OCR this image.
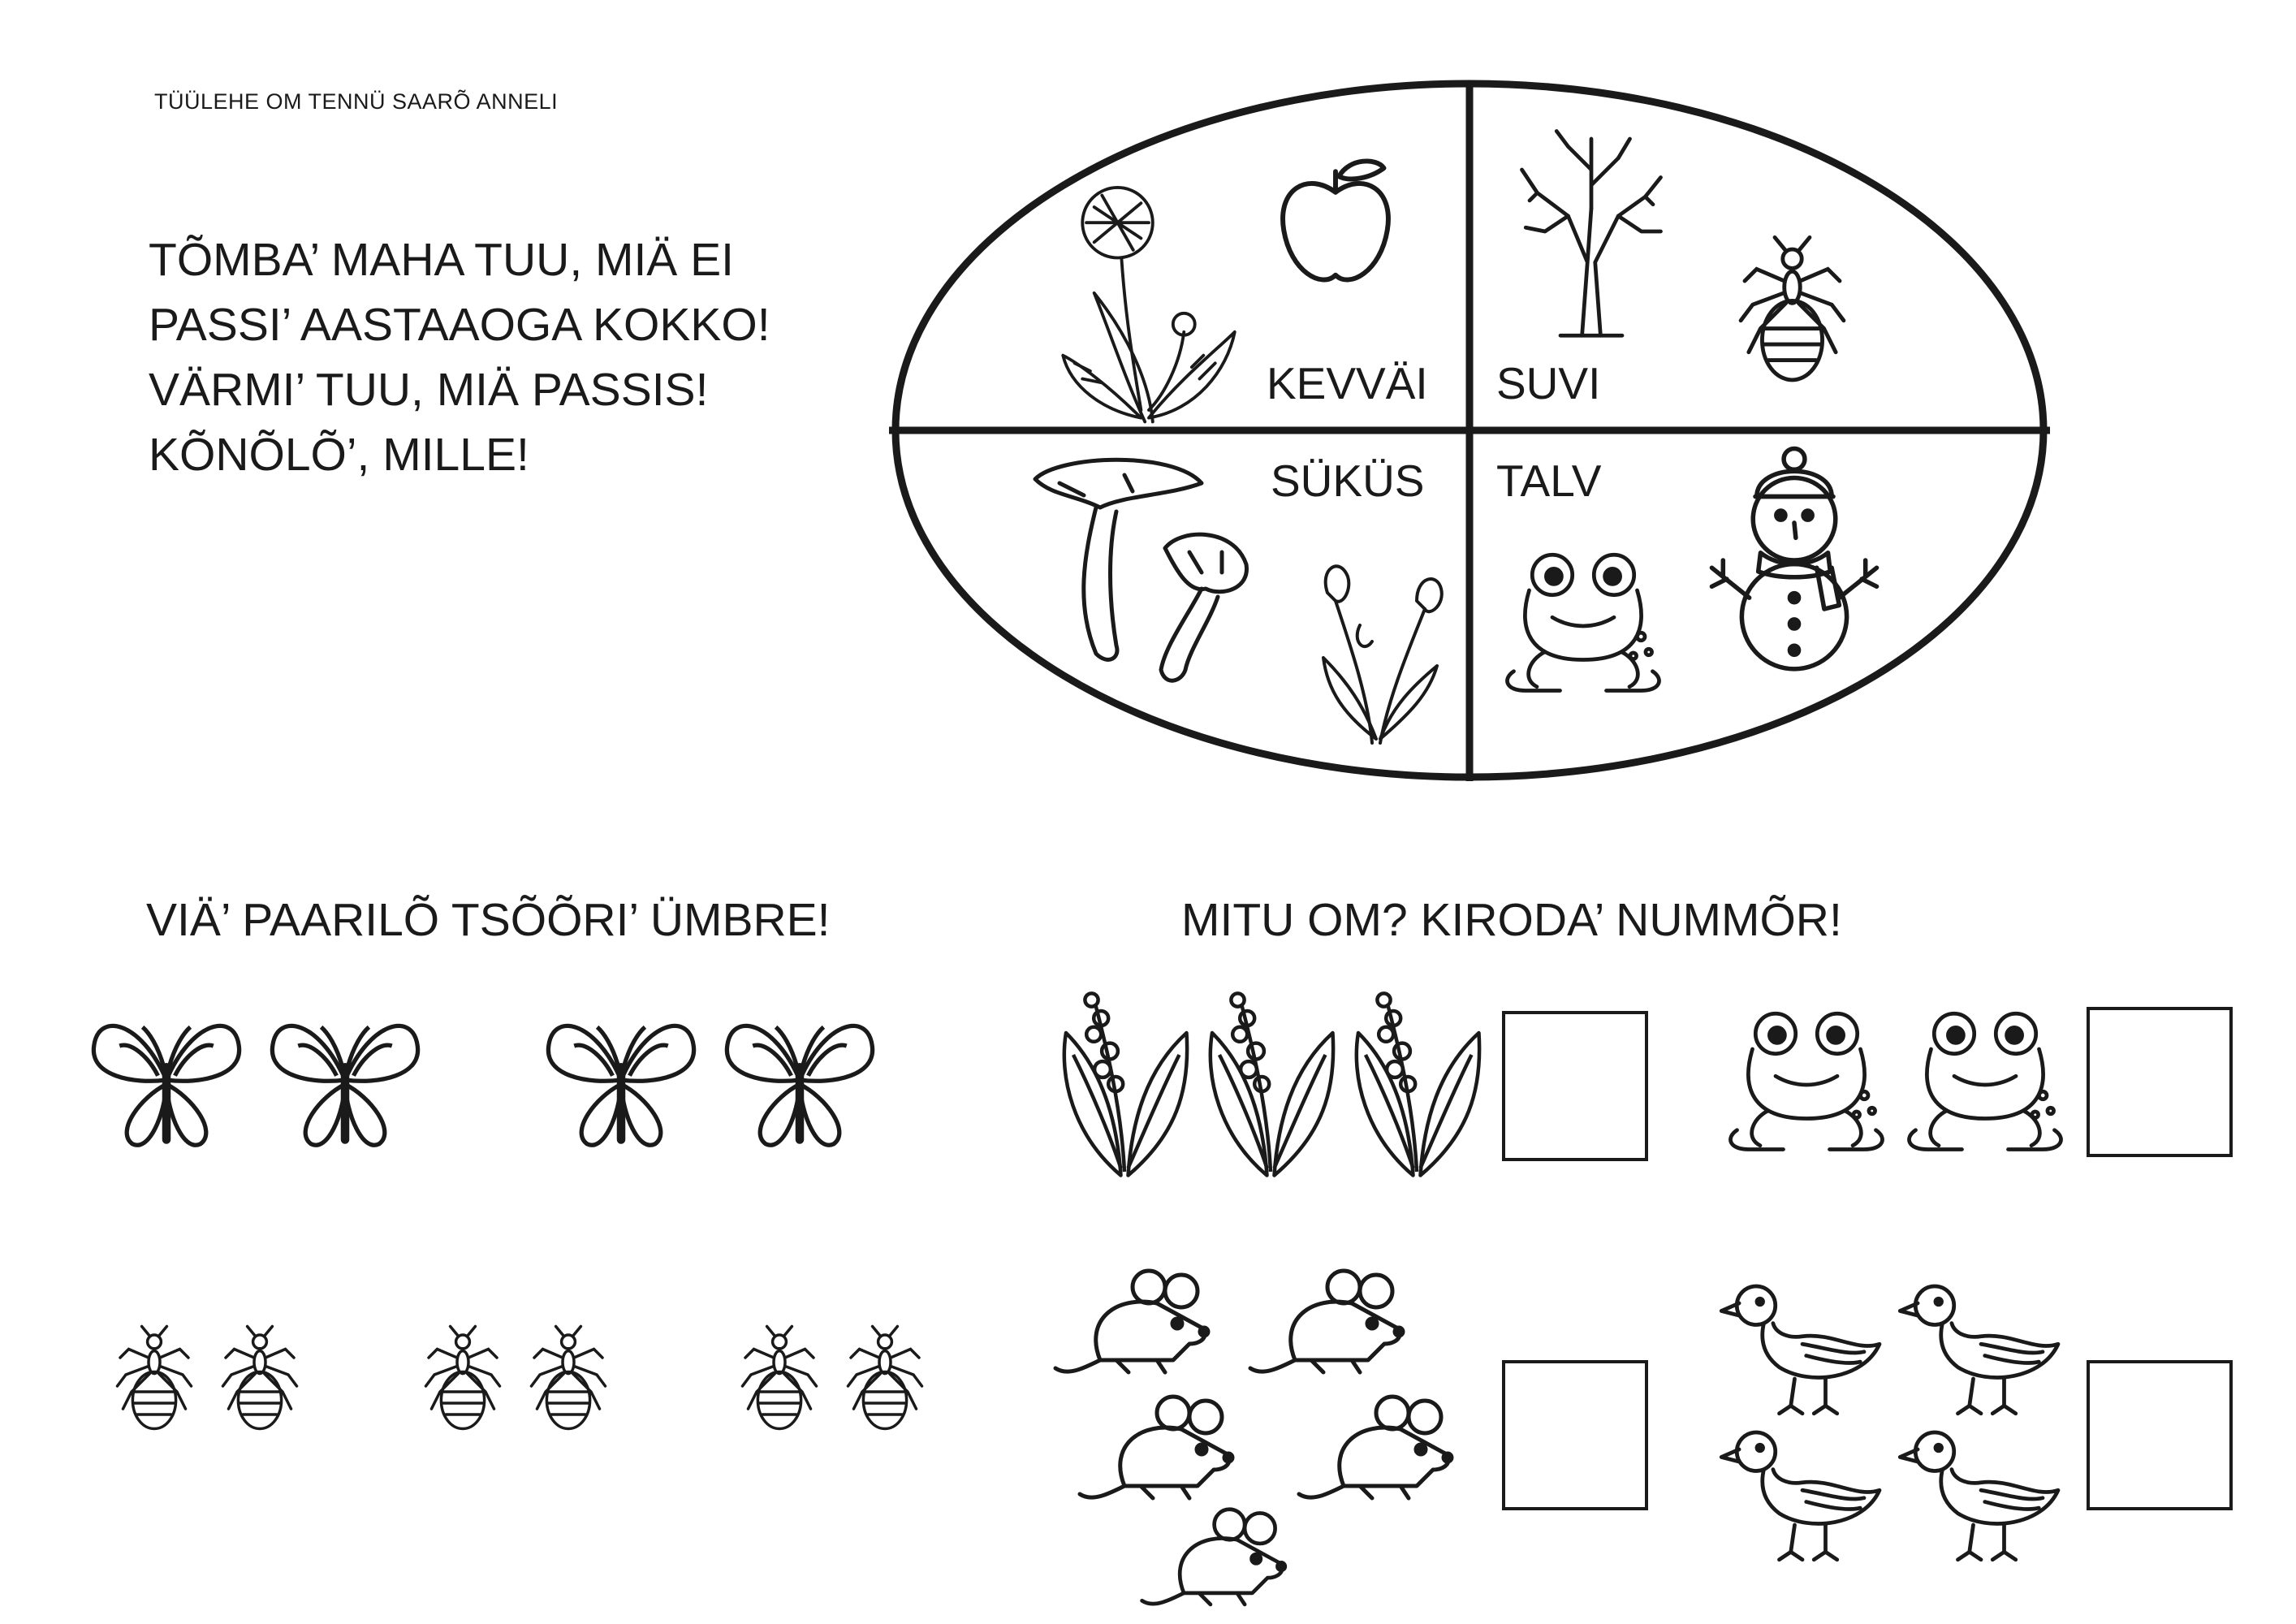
TÜÜLEHE OM TENNÜ SAARÕ ANNELI
TÕMBA’ MAHA TUU, MIÄ EI
PASSI’ AASTAAOGA KOKKO!
VÄRMI’ TUU, MIÄ PASSIS!
KÕNÕLÕ’, MILLE!
KEVVÄI SUVI
SÜKÜS TALV
VIÄ’ PAARILÕ TSÕÕRI’ ÜMBRE!	MITU OM? KIRODA’ NUMMÕR!
